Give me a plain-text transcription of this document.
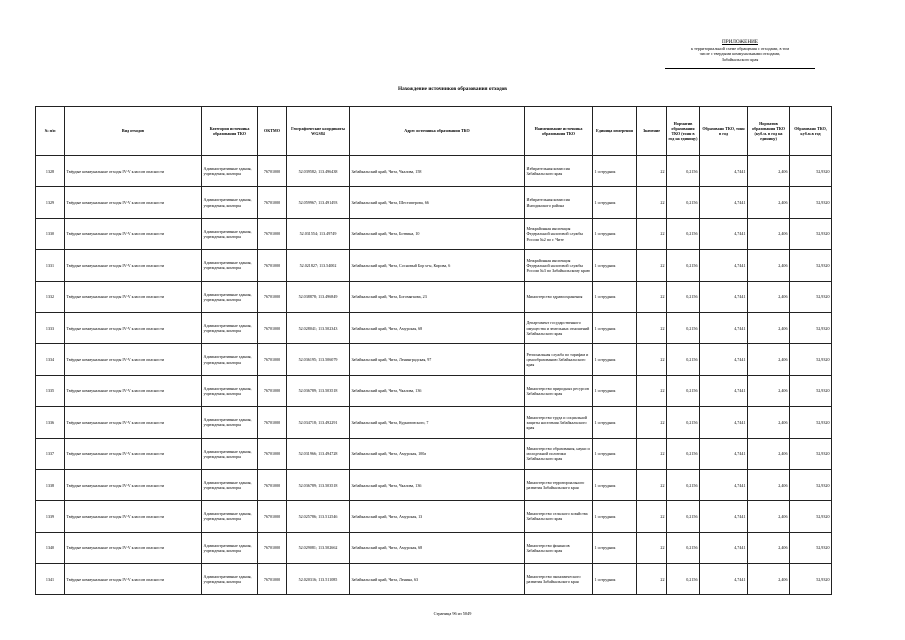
ПРИЛОЖЕНИЕ
к территориальной схеме обращения с отходами, в том
числе с твердыми коммунальными отходами,
Забайкальского края
Нахождение источников образования отходов
№ п/п	Вид отходов	Категория источника образования ТКО	ОКТМО	Географические координаты WGS84	Адрес источника образования ТКО	Наименование источника образования ТКО	Единица измерения	Значение	Норматив образования ТКО (тонн в год на единицу)	Образовано ТКО, тонн в год	Норматив образования ТКО (куб.м. в год на единицу)	Образовано ТКО, куб.м.в год
1328	Твёрдые коммунальные отходы IV-V классов опасности	Административные здания, учреждения, конторы	76701000	52.039582; 113.496438	Забайкальский край, Чита, Чкалова, 158	Избирательная комиссия Забайкальского края	1 сотрудник	22	0,2156	4,7441	2,406	52,9320
1329	Твёрдые коммунальные отходы IV-V классов опасности	Административные здания, учреждения, конторы	76701000	52.059967; 113.491493	Забайкальский край, Чита, Шестиперова, 66	Избирательная комиссия Ингодинского района	1 сотрудник	22	0,2156	4,7441	2,406	52,9320
1330	Твёрдые коммунальные отходы IV-V классов опасности	Административные здания, учреждения, конторы	76701000	52.031554; 113.49749	Забайкальский край, Чита, Ботвина, 10	Межрайонная инспекция Федеральной налоговой службы России №2 по г. Чите	1 сотрудник	22	0,2156	4,7441	2,406	52,9320
1331	Твёрдые коммунальные отходы IV-V классов опасности	Административные здания, учреждения, конторы	76701000	52.021827; 113.54002	Забайкальский край, Чита, Сосновый Бор м-н, Кирова, 6	Межрайонная инспекция Федеральной налоговой службы России №3 по Забайкальскому краю	1 сотрудник	22	0,2156	4,7441	2,406	52,9320
1332	Твёрдые коммунальные отходы IV-V классов опасности	Административные здания, учреждения, конторы	76701000	52.038878; 113.496849	Забайкальский край, Чита, Богомягкова, 23	Министерство здравоохранения	1 сотрудник	22	0,2156	4,7441	2,406	52,9320
1333	Твёрдые коммунальные отходы IV-V классов опасности	Административные здания, учреждения, конторы	76701000	52.028041; 113.502343	Забайкальский край, Чита, Амурская, 68	Департамент государственного имущества и земельных отношений Забайкальского края	1 сотрудник	22	0,2156	4,7441	2,406	52,9320
1334	Твёрдые коммунальные отходы IV-V классов опасности	Административные здания, учреждения, конторы	76701000	52.036195; 113.506079	Забайкальский край, Чита, Ленинградская, 97	Региональная служба по тарифам и ценообразованию Забайкальского края	1 сотрудник	22	0,2156	4,7441	2,406	52,9320
1335	Твёрдые коммунальные отходы IV-V классов опасности	Административные здания, учреждения, конторы	76701000	52.036789; 113.503518	Забайкальский край, Чита, Чкалова, 136	Министерство природных ресурсов Забайкальского края	1 сотрудник	22	0,2156	4,7441	2,406	52,9320
1336	Твёрдые коммунальные отходы IV-V классов опасности	Административные здания, учреждения, конторы	76701000	52.034718; 113.492291	Забайкальский край, Чита, Курнатовского, 7	Министерство труда и социальной защиты населения Забайкальского края	1 сотрудник	22	0,2156	4,7441	2,406	52,9320
1337	Твёрдые коммунальные отходы IV-V классов опасности	Административные здания, учреждения, конторы	76701000	52.031966; 113.494728	Забайкальский край, Чита, Амурская, 100а	Министерство образования, науки и молодежной политики Забайкальского края	1 сотрудник	22	0,2156	4,7441	2,406	52,9320
1338	Твёрдые коммунальные отходы IV-V классов опасности	Административные здания, учреждения, конторы	76701000	52.036789; 113.503518	Забайкальский край, Чита, Чкалова, 136	Министерство территориального развития Забайкальского края	1 сотрудник	22	0,2156	4,7441	2,406	52,9320
1339	Твёрдые коммунальные отходы IV-V классов опасности	Административные здания, учреждения, конторы	76701000	52.025786; 113.512546	Забайкальский край, Чита, Амурская, 13	Министерство сельского хозяйства Забайкальского края	1 сотрудник	22	0,2156	4,7441	2,406	52,9320
1340	Твёрдые коммунальные отходы IV-V классов опасности	Административные здания, учреждения, конторы	76701000	52.029081; 113.502662	Забайкальский край, Чита, Амурская, 68	Министерство финансов Забайкальского края	1 сотрудник	22	0,2156	4,7441	2,406	52,9320
1341	Твёрдые коммунальные отходы IV-V классов опасности	Административные здания, учреждения, конторы	76701000	52.020316; 113.511085	Забайкальский край, Чита, Ленина, 63	Министерство экономического развития Забайкальского края	1 сотрудник	22	0,2156	4,7441	2,406	52,9320
Страница 96 из 5049
